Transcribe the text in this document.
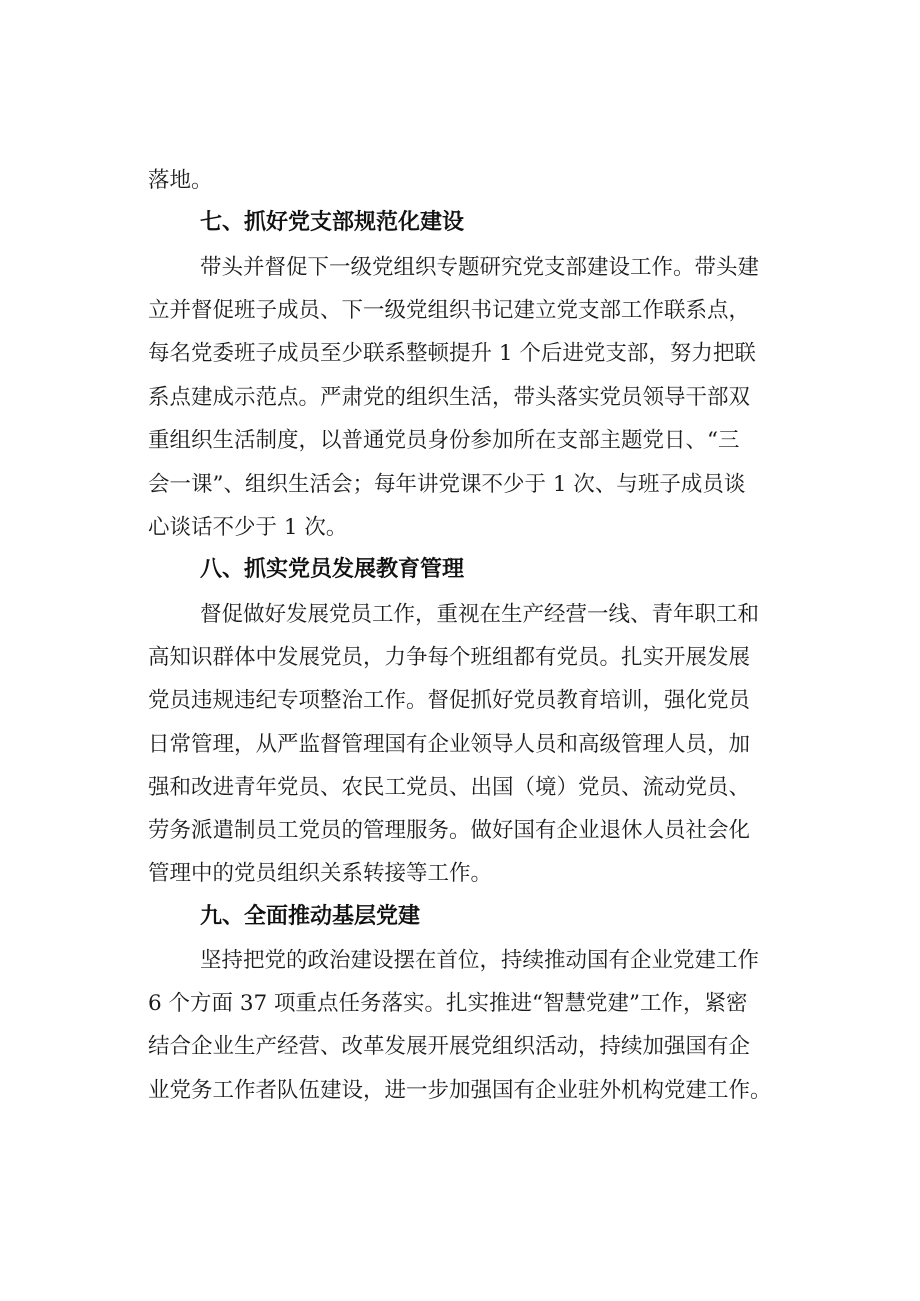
落地。
七、抓好党支部规范化建设
带头并督促下一级党组织专题研究党支部建设工作。带头建
立并督促班子成员、下一级党组织书记建立党支部工作联系点，
每名党委班子成员至少联系整顿提升 1 个后进党支部，努力把联
系点建成示范点。严肃党的组织生活，带头落实党员领导干部双
重组织生活制度，以普通党员身份参加所在支部主题党日、“三
会一课”、组织生活会；每年讲党课不少于 1 次、与班子成员谈
心谈话不少于 1 次。
八、抓实党员发展教育管理
督促做好发展党员工作，重视在生产经营一线、青年职工和
高知识群体中发展党员，力争每个班组都有党员。扎实开展发展
党员违规违纪专项整治工作。督促抓好党员教育培训，强化党员
日常管理，从严监督管理国有企业领导人员和高级管理人员，加
强和改进青年党员、农民工党员、出国（境）党员、流动党员、
劳务派遣制员工党员的管理服务。做好国有企业退休人员社会化
管理中的党员组织关系转接等工作。
九、全面推动基层党建
坚持把党的政治建设摆在首位，持续推动国有企业党建工作
6 个方面 37 项重点任务落实。扎实推进“智慧党建”工作，紧密
结合企业生产经营、改革发展开展党组织活动，持续加强国有企
业党务工作者队伍建设，进一步加强国有企业驻外机构党建工作。
